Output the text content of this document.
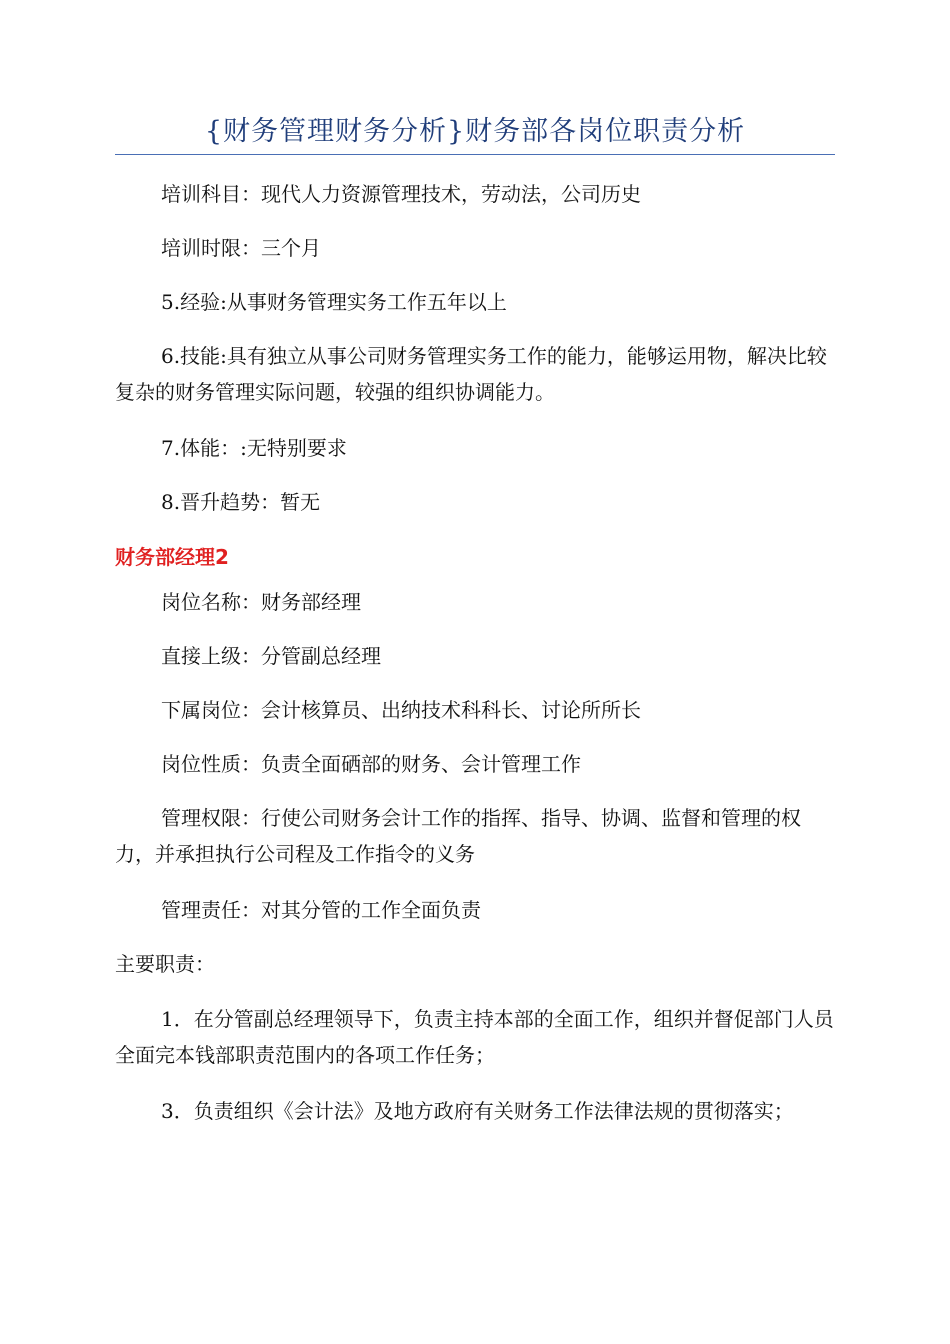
{财务管理财务分析}财务部各岗位职责分析

培训科目：现代人力资源管理技术，劳动法，公司历史

培训时限：三个月

5.经验:从事财务管理实务工作五年以上

6.技能:具有独立从事公司财务管理实务工作的能力，能够运用物，解决比较复杂的财务管理实际问题，较强的组织协调能力。

7.体能：:无特别要求

8.晋升趋势：暂无

财务部经理2

岗位名称：财务部经理

直接上级：分管副总经理

下属岗位：会计核算员、出纳技术科科长、讨论所所长

岗位性质：负责全面硒部的财务、会计管理工作

管理权限：行使公司财务会计工作的指挥、指导、协调、监督和管理的权力，并承担执行公司程及工作指令的义务

管理责任：对其分管的工作全面负责

主要职责：

1．在分管副总经理领导下，负责主持本部的全面工作，组织并督促部门人员全面完本钱部职责范围内的各项工作任务；

3．负责组织《会计法》及地方政府有关财务工作法律法规的贯彻落实；
